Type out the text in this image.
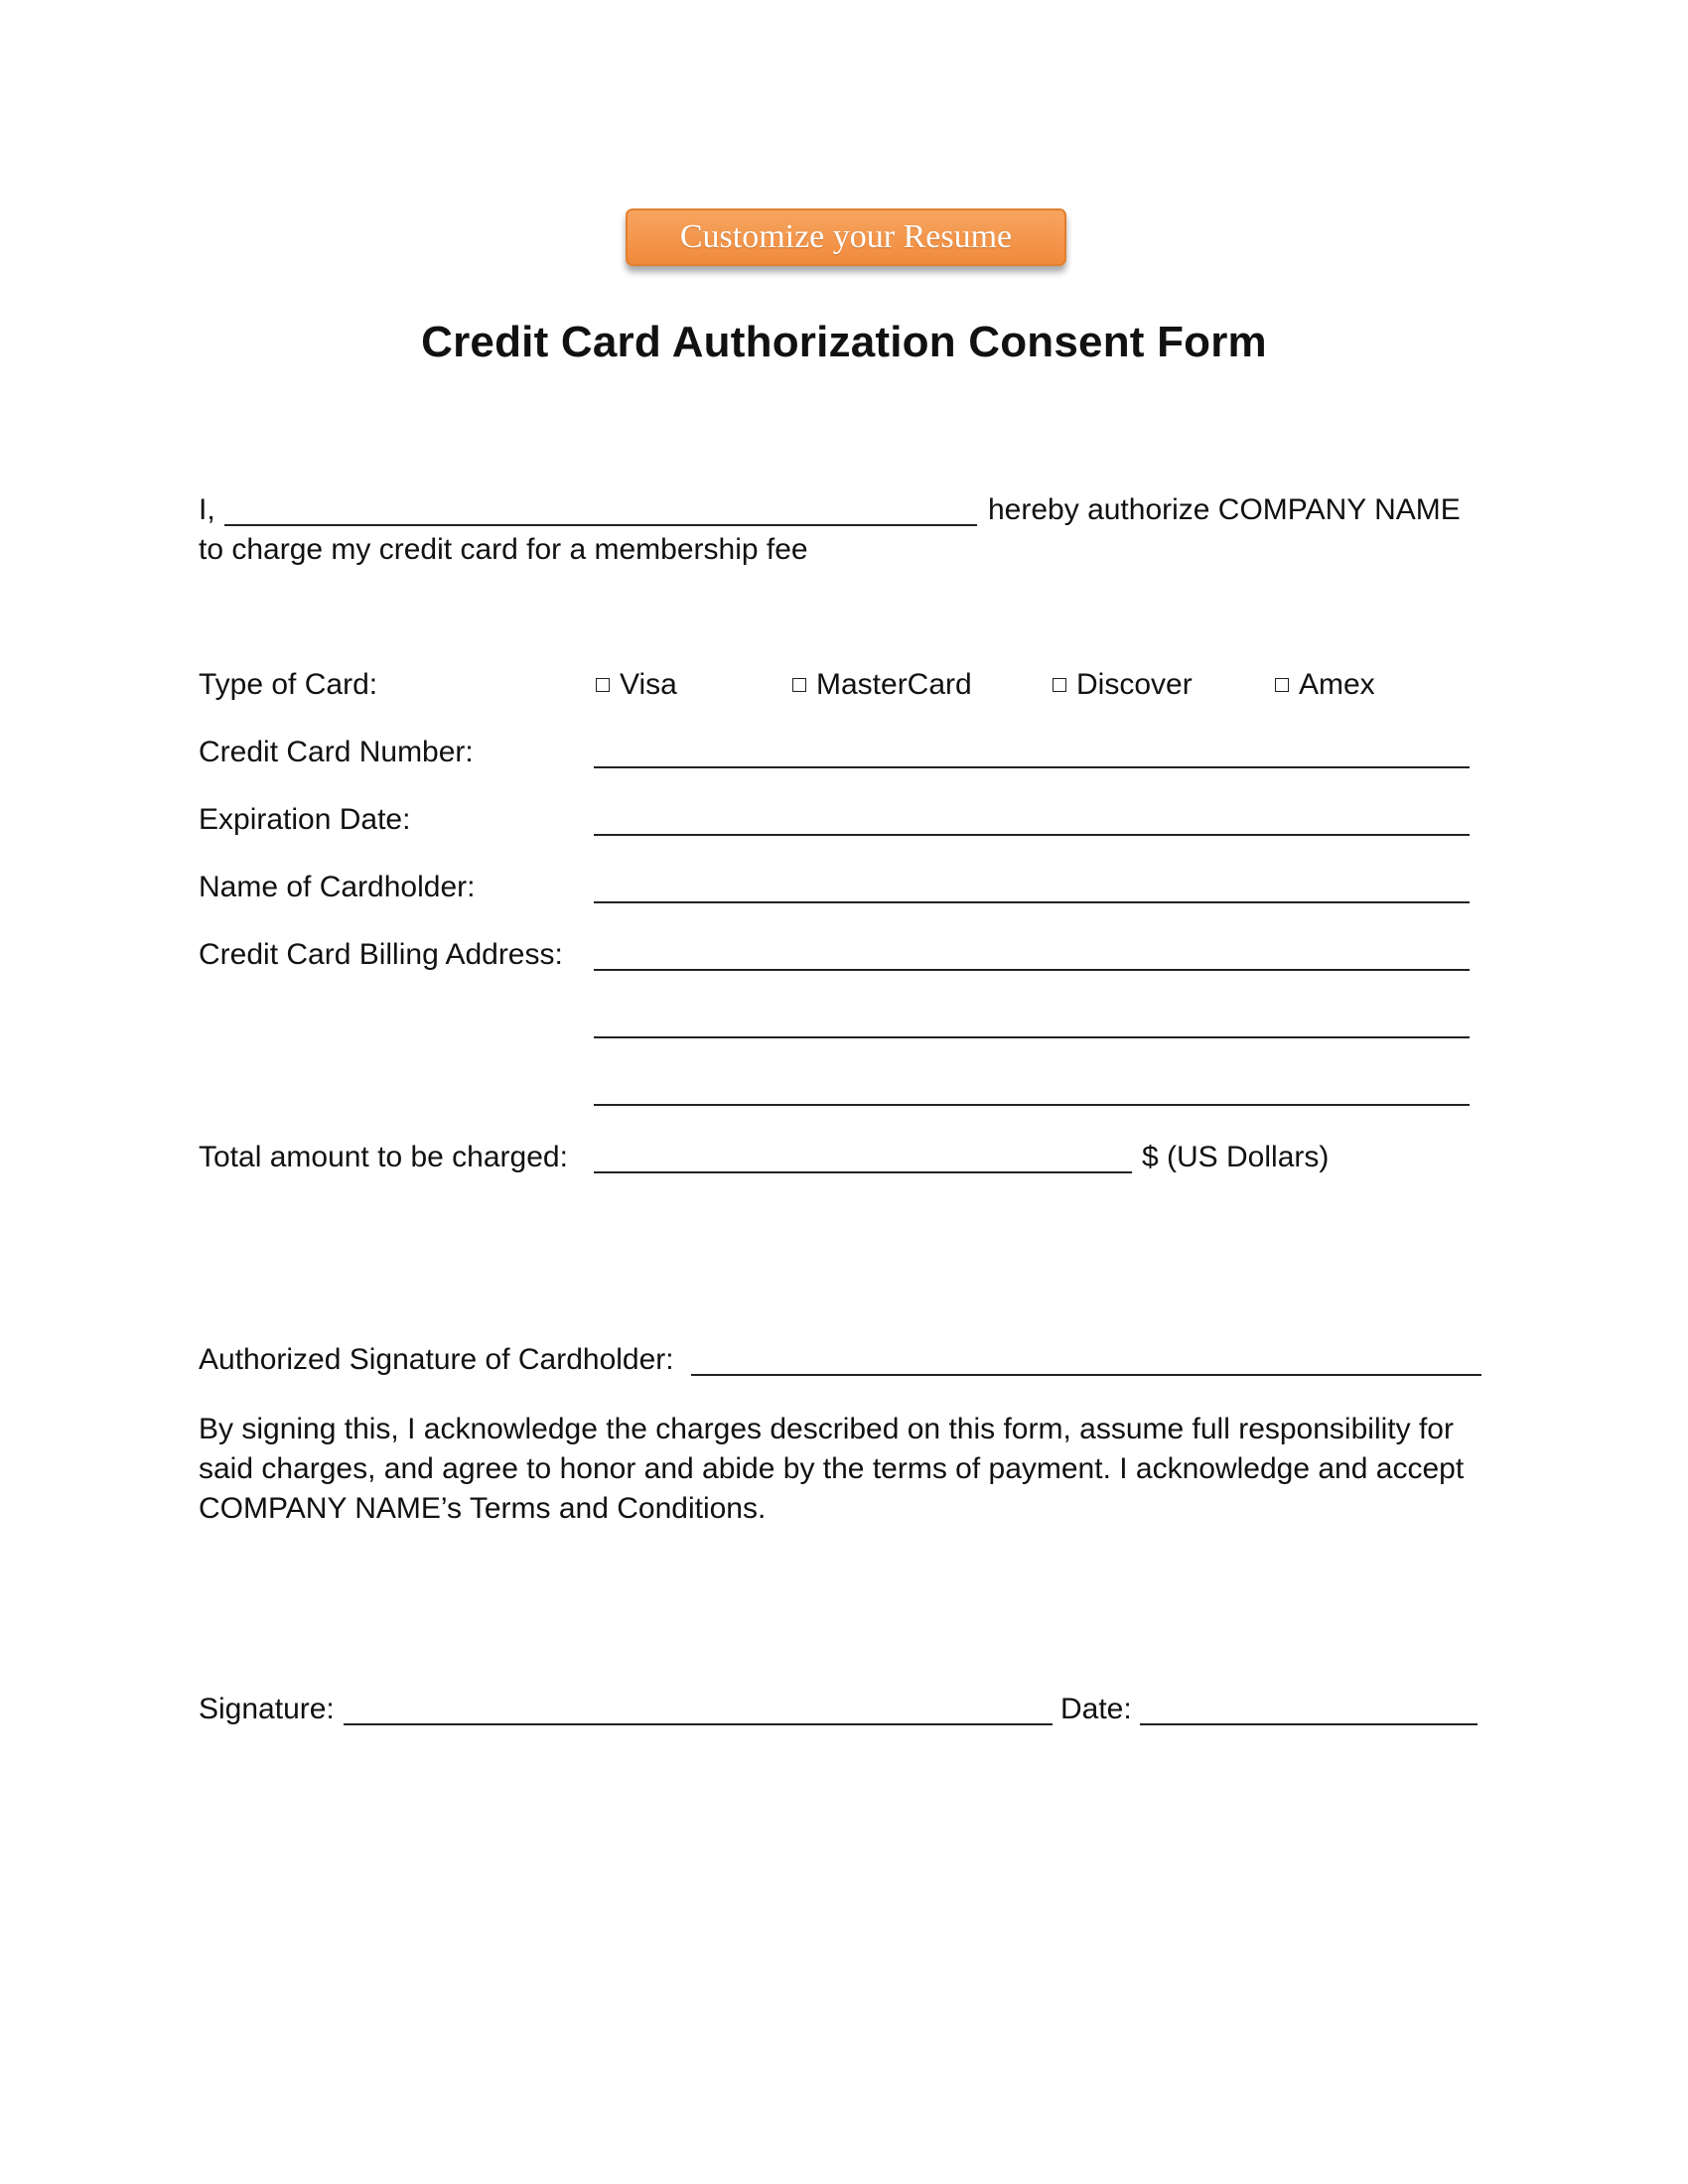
Customize your Resume
Credit Card Authorization Consent Form
I,	hereby authorize COMPANY NAME
to charge my credit card for a membership fee
Type of Card:	Visa	MasterCard	Discover	Amex
Credit Card Number:
Expiration Date:
Name of Cardholder:
Credit Card Billing Address:
Total amount to be charged:	$ (US Dollars)
Authorized Signature of Cardholder:

By signing this, I acknowledge the charges described on this form, assume full responsibility for said charges, and agree to honor and abide by the terms of payment. I acknowledge and accept COMPANY NAME’s Terms and Conditions.

Signature:	Date:
